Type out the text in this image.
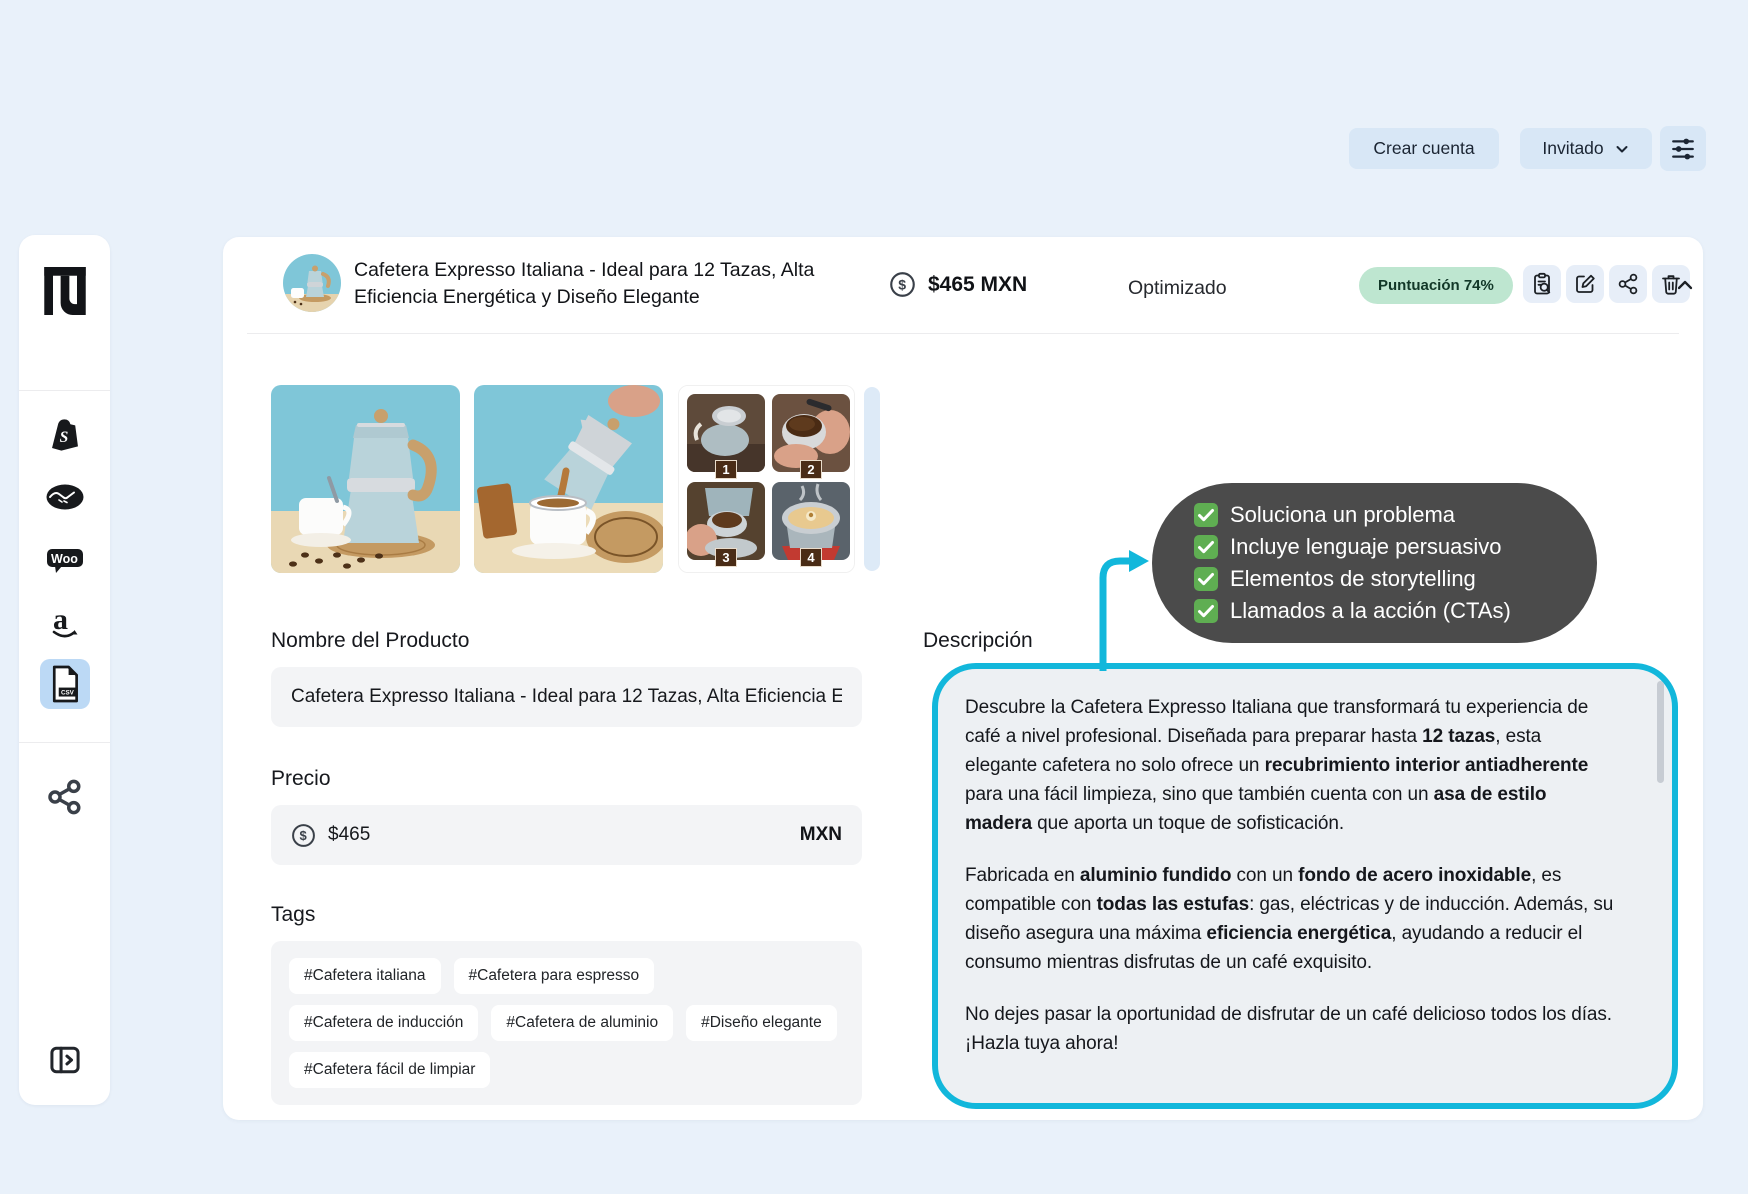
Crear cuenta	Invitado
S
Woo
a
CSV
Cafetera Expresso Italiana - Ideal para 12 Tazas, Alta Eficiencia Energética y Diseño Elegante
$ $465 MXN	Optimizado	Puntuación 74%
1	2
3	4
Nombre del Producto
Cafetera Expresso Italiana - Ideal para 12 Tazas, Alta Eficiencia Energética y Diseño Elegante
Precio
$ $465	MXN
Tags
#Cafetera italiana	#Cafetera para espresso
#Cafetera de inducción	#Cafetera de aluminio	#Diseño elegante
#Cafetera fácil de limpiar
Descripción

Descubre la Cafetera Expresso Italiana que transformará tu experiencia de café a nivel profesional. Diseñada para preparar hasta 12 tazas, esta elegante cafetera no solo ofrece un recubrimiento interior antiadherente para una fácil limpieza, sino que también cuenta con un asa de estilo madera que aporta un toque de sofisticación.

Fabricada en aluminio fundido con un fondo de acero inoxidable, es compatible con todas las estufas: gas, eléctricas y de inducción. Además, su diseño asegura una máxima eficiencia energética, ayudando a reducir el consumo mientras disfrutas de un café exquisito.

No dejes pasar la oportunidad de disfrutar de un café delicioso todos los días. ¡Hazla tuya ahora!

Soluciona un problema
Incluye lenguaje persuasivo
Elementos de storytelling
Llamados a la acción (CTAs)
